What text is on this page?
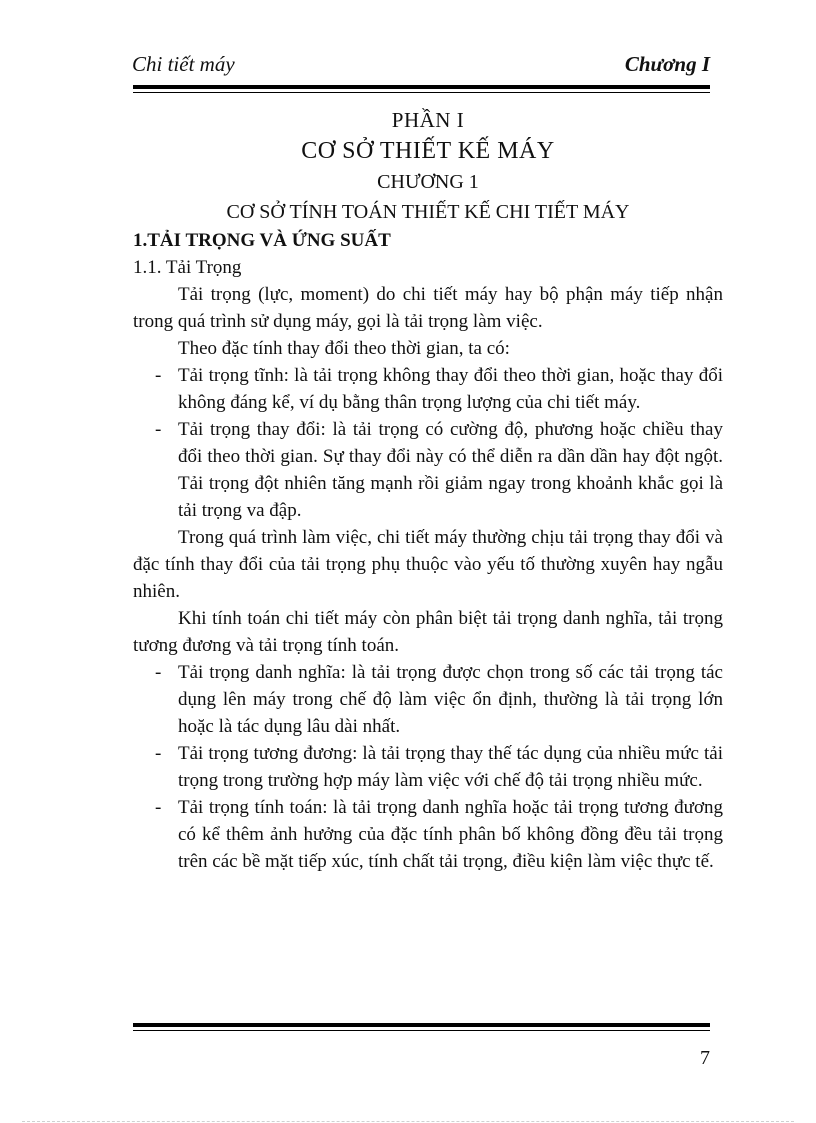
Chi tiết máy	Chương I
PHẦN I
CƠ SỞ THIẾT KẾ MÁY
CHƯƠNG 1
CƠ SỞ TÍNH TOÁN THIẾT KẾ CHI TIẾT MÁY
1.TẢI TRỌNG VÀ ỨNG SUẤT
1.1. Tải Trọng

Tải trọng (lực, moment) do chi tiết máy hay bộ phận máy tiếp nhận trong quá trình sử dụng máy, gọi là tải trọng làm việc.

Theo đặc tính thay đổi theo thời gian, ta có:

- Tải trọng tĩnh: là tải trọng không thay đổi theo thời gian, hoặc thay đổi không đáng kể, ví dụ bằng thân trọng lượng của chi tiết máy.

- Tải trọng thay đổi: là tải trọng có cường độ, phương hoặc chiều thay đổi theo thời gian. Sự thay đổi này có thể diễn ra dần dần hay đột ngột. Tải trọng đột nhiên tăng mạnh rồi giảm ngay trong khoảnh khắc gọi là tải trọng va đập.

Trong quá trình làm việc, chi tiết máy thường chịu tải trọng thay đổi và đặc tính thay đổi của tải trọng phụ thuộc vào yếu tố thường xuyên hay ngẫu nhiên.

Khi tính toán chi tiết máy còn phân biệt tải trọng danh nghĩa, tải trọng tương đương và tải trọng tính toán.

- Tải trọng danh nghĩa: là tải trọng được chọn trong số các tải trọng tác dụng lên máy trong chế độ làm việc ổn định, thường là tải trọng lớn hoặc là tác dụng lâu dài nhất.

- Tải trọng tương đương: là tải trọng thay thế tác dụng của nhiều mức tải trọng trong trường hợp máy làm việc với chế độ tải trọng nhiều mức.

- Tải trọng tính toán: là tải trọng danh nghĩa hoặc tải trọng tương đương có kể thêm ảnh hưởng của đặc tính phân bố không đồng đều tải trọng trên các bề mặt tiếp xúc, tính chất tải trọng, điều kiện làm việc thực tế.

7
